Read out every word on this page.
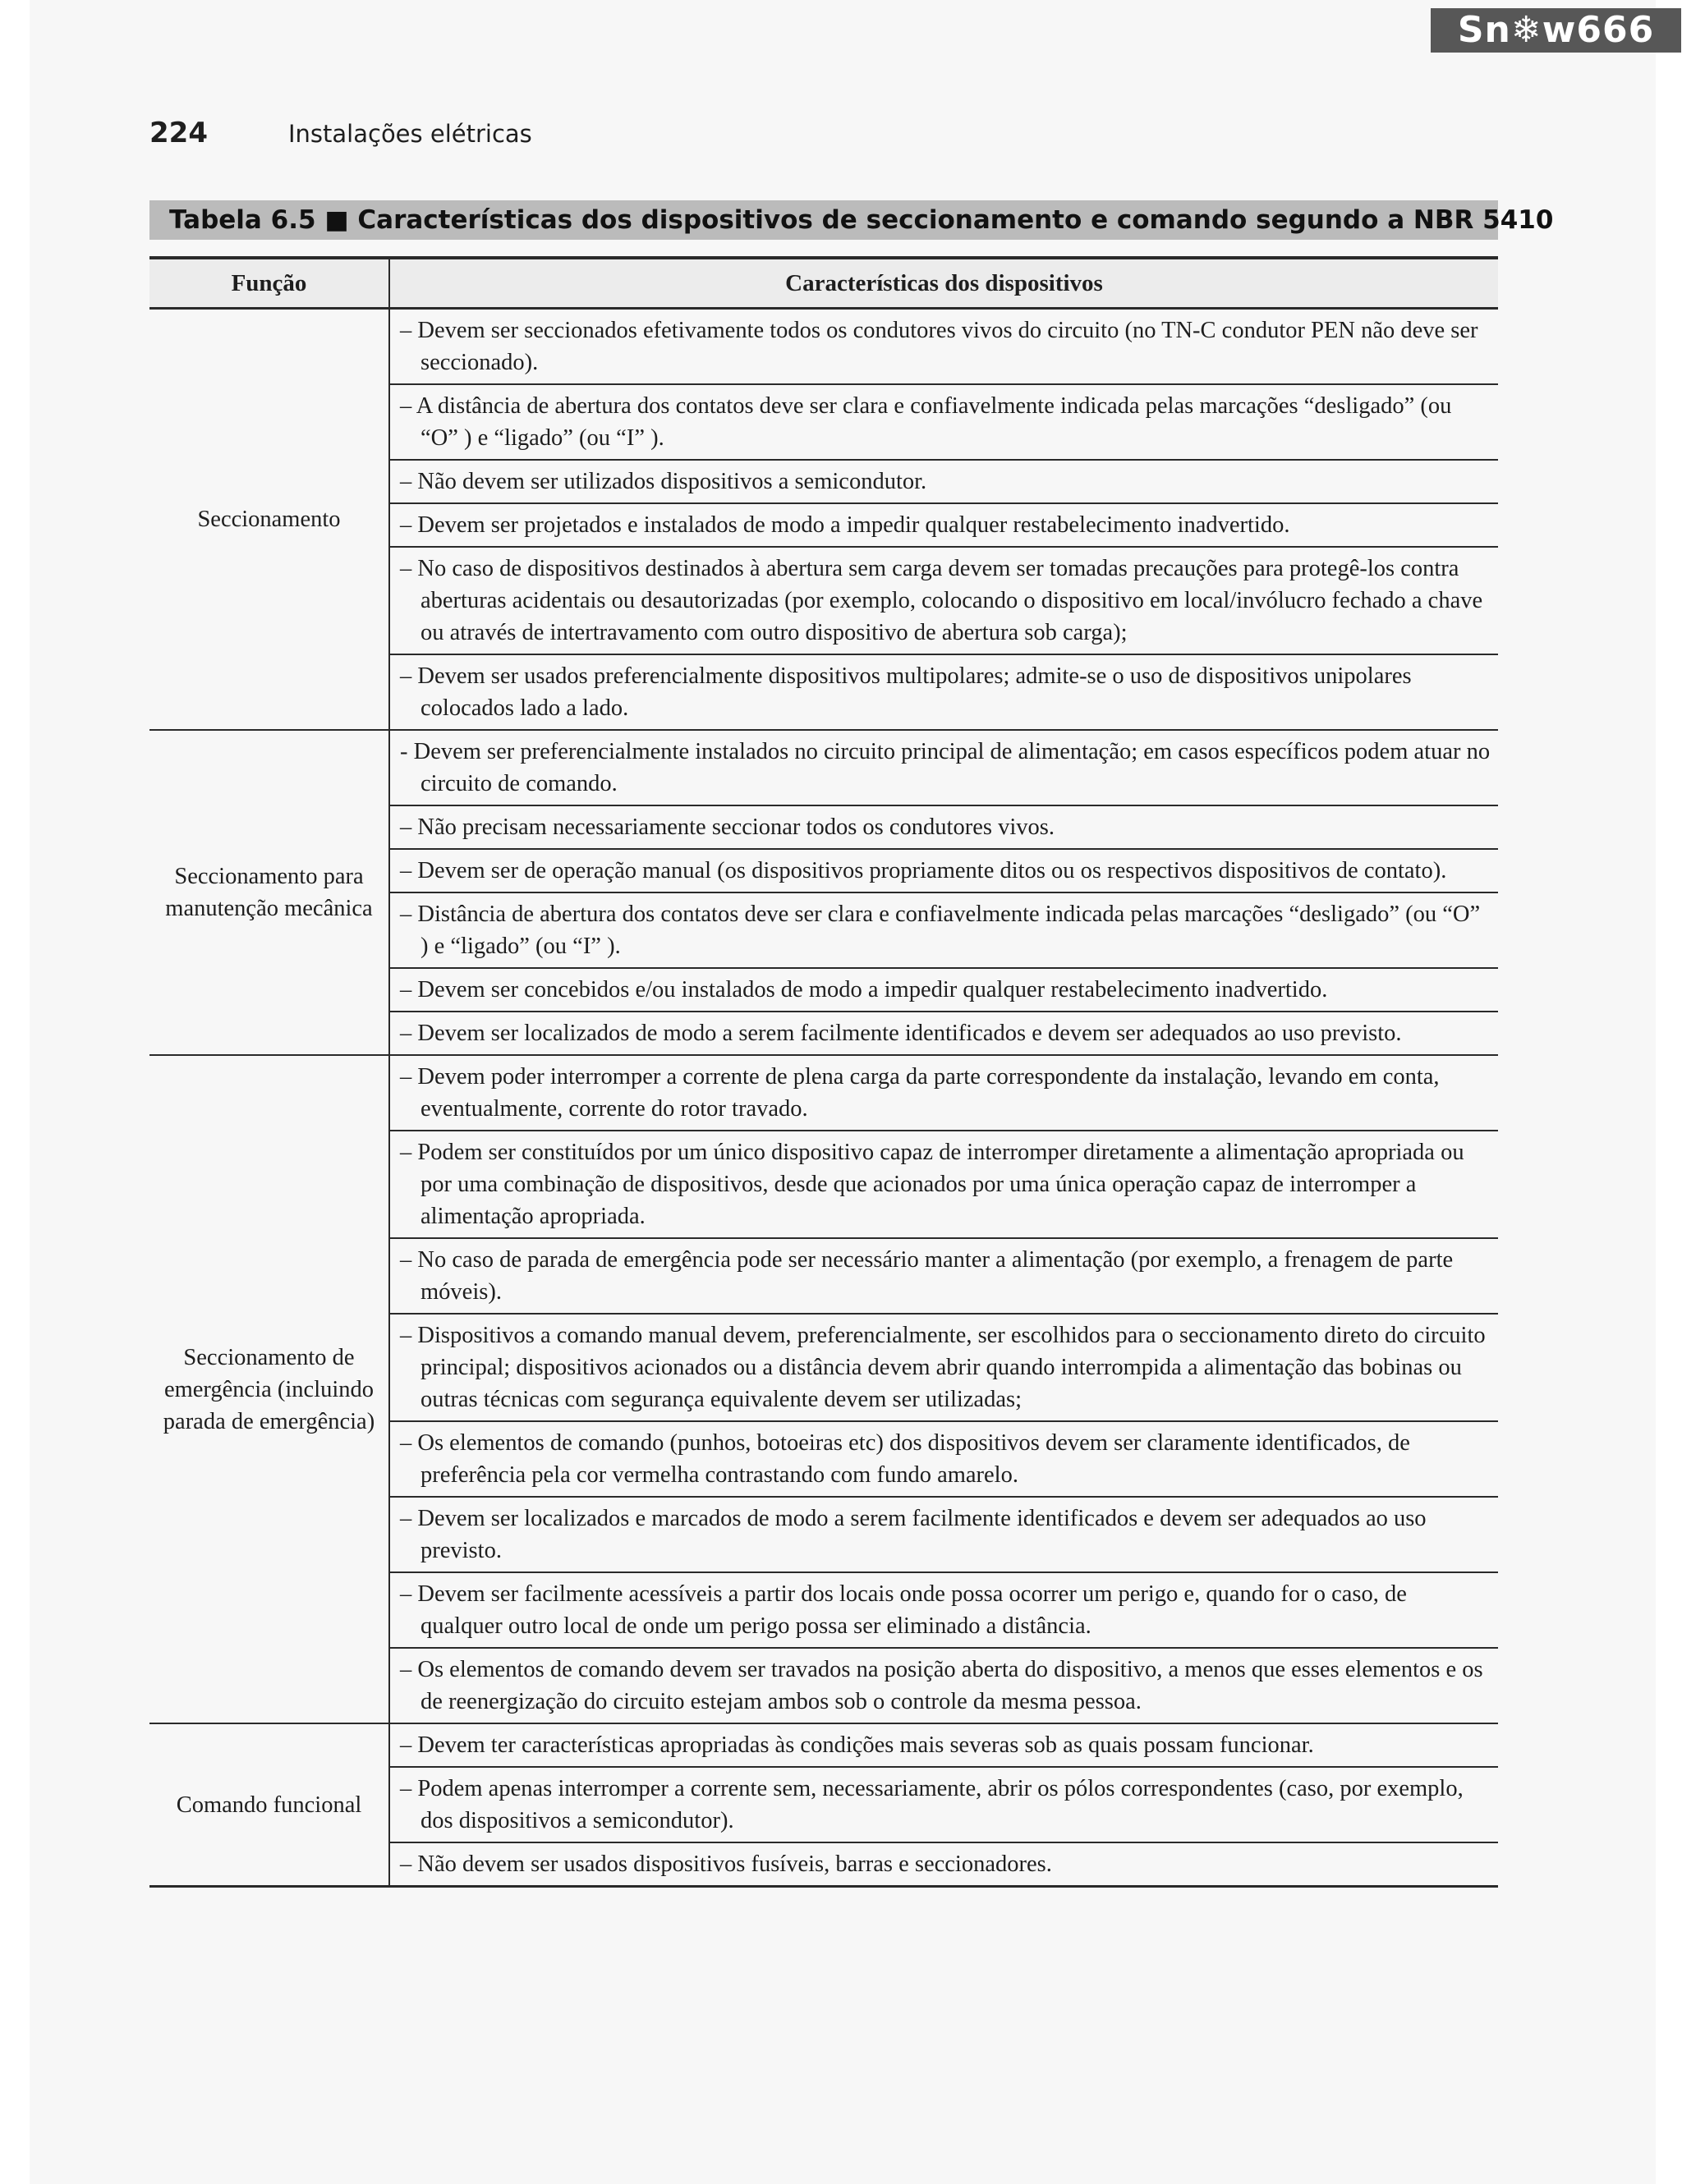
Sn❄w666
224	Instalações elétricas
Tabela 6.5 ■ Características dos dispositivos de seccionamento e comando segundo a NBR 5410
Função	Características dos dispositivos
Seccionamento	– Devem ser seccionados efetivamente todos os condutores vivos do circuito (no TN-C condutor PEN não deve ser seccionado).

	– A distância de abertura dos contatos deve ser clara e confiavelmente indicada pelas marcações “desligado” (ou “O” ) e “ligado” (ou “I” ).

	– Não devem ser utilizados dispositivos a semicondutor.

	– Devem ser projetados e instalados de modo a impedir qualquer restabelecimento inadvertido.

	– No caso de dispositivos destinados à abertura sem carga devem ser tomadas precauções para protegê-los contra aberturas acidentais ou desautorizadas (por exemplo, colocando o dispositivo em local/invólucro fechado a chave ou através de intertravamento com outro dispositivo de abertura sob carga);

	– Devem ser usados preferencialmente dispositivos multipolares; admite-se o uso de dispositivos unipolares colocados lado a lado.

Seccionamento para manutenção mecânica	- Devem ser preferencialmente instalados no circuito principal de alimentação; em casos específicos podem atuar no circuito de comando.

	– Não precisam necessariamente seccionar todos os condutores vivos.

	– Devem ser de operação manual (os dispositivos propriamente ditos ou os respectivos dispositivos de contato).

	– Distância de abertura dos contatos deve ser clara e confiavelmente indicada pelas marcações “desligado” (ou “O” ) e “ligado” (ou “I” ).

	– Devem ser concebidos e/ou instalados de modo a impedir qualquer restabelecimento inadvertido.

	– Devem ser localizados de modo a serem facilmente identificados e devem ser adequados ao uso previsto.

Seccionamento de emergência (incluindo parada de emergência)	– Devem poder interromper a corrente de plena carga da parte correspondente da instalação, levando em conta, eventualmente, corrente do rotor travado.

	– Podem ser constituídos por um único dispositivo capaz de interromper diretamente a alimentação apropriada ou por uma combinação de dispositivos, desde que acionados por uma única operação capaz de interromper a alimentação apropriada.

	– No caso de parada de emergência pode ser necessário manter a alimentação (por exemplo, a frenagem de parte móveis).

	– Dispositivos a comando manual devem, preferencialmente, ser escolhidos para o seccionamento direto do circuito principal; dispositivos acionados ou a distância devem abrir quando interrompida a alimentação das bobinas ou outras técnicas com segurança equivalente devem ser utilizadas;

	– Os elementos de comando (punhos, botoeiras etc) dos dispositivos devem ser claramente identificados, de preferência pela cor vermelha contrastando com fundo amarelo.

	– Devem ser localizados e marcados de modo a serem facilmente identificados e devem ser adequados ao uso previsto.

	– Devem ser facilmente acessíveis a partir dos locais onde possa ocorrer um perigo e, quando for o caso, de qualquer outro local de onde um perigo possa ser eliminado a distância.

	– Os elementos de comando devem ser travados na posição aberta do dispositivo, a menos que esses elementos e os de reenergização do circuito estejam ambos sob o controle da mesma pessoa.

Comando funcional	– Devem ter características apropriadas às condições mais severas sob as quais possam funcionar.

	– Podem apenas interromper a corrente sem, necessariamente, abrir os pólos correspondentes (caso, por exemplo, dos dispositivos a semicondutor).

	– Não devem ser usados dispositivos fusíveis, barras e seccionadores.
